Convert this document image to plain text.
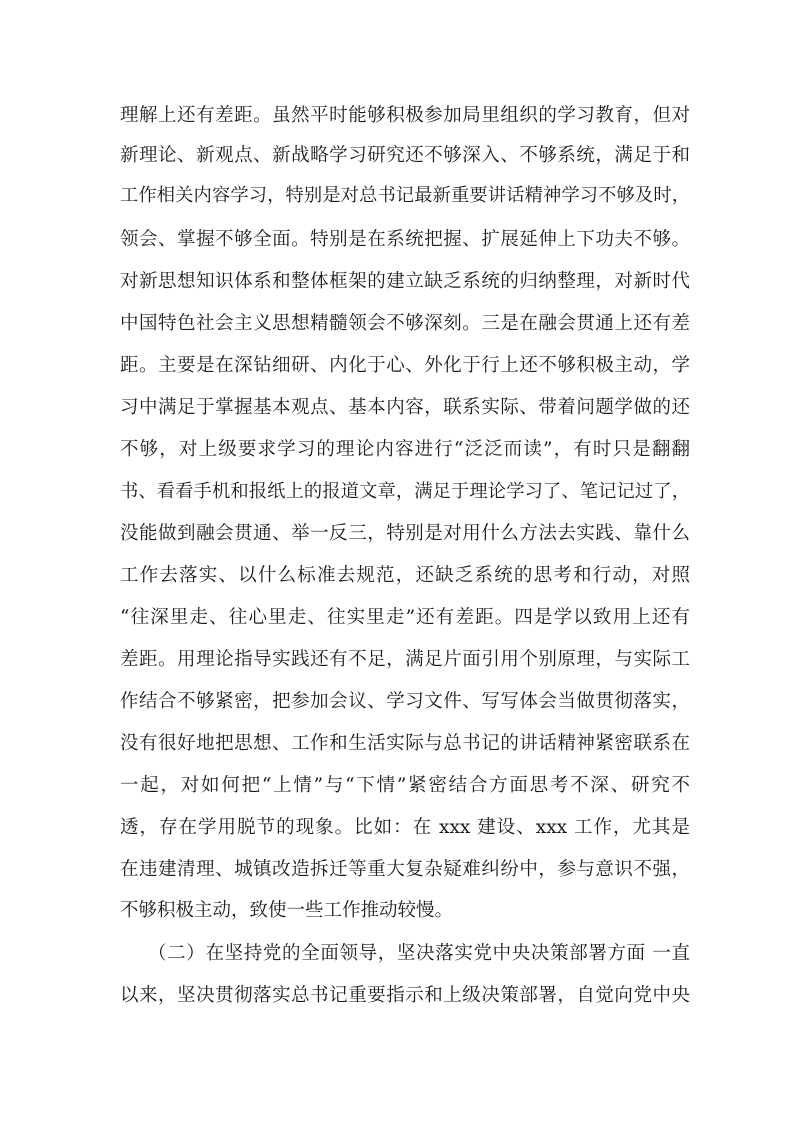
理解上还有差距。虽然平时能够积极参加局里组织的学习教育，但对
新理论、新观点、新战略学习研究还不够深入、不够系统，满足于和
工作相关内容学习，特别是对总书记最新重要讲话精神学习不够及时，
领会、掌握不够全面。特别是在系统把握、扩展延伸上下功夫不够。
对新思想知识体系和整体框架的建立缺乏系统的归纳整理，对新时代
中国特色社会主义思想精髓领会不够深刻。三是在融会贯通上还有差
距。主要是在深钻细研、内化于心、外化于行上还不够积极主动，学
习中满足于掌握基本观点、基本内容，联系实际、带着问题学做的还
不够，对上级要求学习的理论内容进行“泛泛而读”，有时只是翻翻
书、看看手机和报纸上的报道文章，满足于理论学习了、笔记记过了，
没能做到融会贯通、举一反三，特别是对用什么方法去实践、靠什么
工作去落实、以什么标准去规范，还缺乏系统的思考和行动，对照
“往深里走、往心里走、往实里走”还有差距。四是学以致用上还有
差距。用理论指导实践还有不足，满足片面引用个别原理，与实际工
作结合不够紧密，把参加会议、学习文件、写写体会当做贯彻落实，
没有很好地把思想、工作和生活实际与总书记的讲话精神紧密联系在
一起，对如何把“上情”与“下情”紧密结合方面思考不深、研究不
透，存在学用脱节的现象。比如：在 xxx 建设、xxx 工作，尤其是
在违建清理、城镇改造拆迁等重大复杂疑难纠纷中，参与意识不强，
不够积极主动，致使一些工作推动较慢。
（二）在坚持党的全面领导，坚决落实党中央决策部署方面 一直
以来，坚决贯彻落实总书记重要指示和上级决策部署，自觉向党中央
